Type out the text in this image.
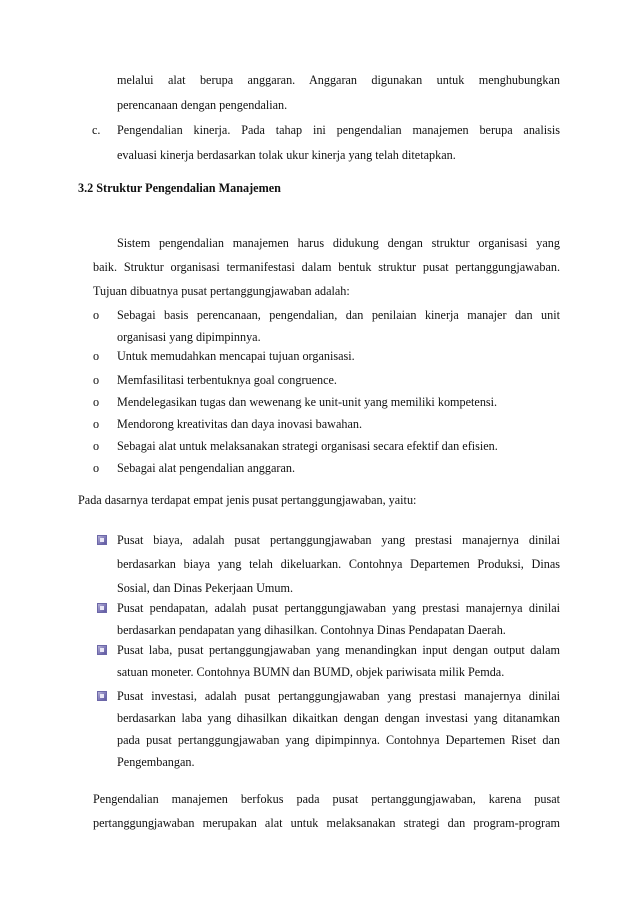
melalui alat berupa anggaran. Anggaran digunakan untuk menghubungkan
perencanaan dengan pengendalian.
c. Pengendalian kinerja. Pada tahap ini pengendalian manajemen berupa analisis
evaluasi kinerja berdasarkan tolak ukur kinerja yang telah ditetapkan.
3.2 Struktur Pengendalian Manajemen
Sistem pengendalian manajemen harus didukung dengan struktur organisasi yang
baik. Struktur organisasi termanifestasi dalam bentuk struktur pusat pertanggungjawaban.
Tujuan dibuatnya pusat pertanggungjawaban adalah:
o Sebagai basis perencanaan, pengendalian, dan penilaian kinerja manajer dan unit
organisasi yang dipimpinnya.
o Untuk memudahkan mencapai tujuan organisasi.
o Memfasilitasi terbentuknya goal congruence.
o Mendelegasikan tugas dan wewenang ke unit-unit yang memiliki kompetensi.
o Mendorong kreativitas dan daya inovasi bawahan.
o Sebagai alat untuk melaksanakan strategi organisasi secara efektif dan efisien.
o Sebagai alat pengendalian anggaran.
Pada dasarnya terdapat empat jenis pusat pertanggungjawaban, yaitu:
Pusat biaya, adalah pusat pertanggungjawaban yang prestasi manajernya dinilai
berdasarkan biaya yang telah dikeluarkan. Contohnya Departemen Produksi, Dinas
Sosial, dan Dinas Pekerjaan Umum.
Pusat pendapatan, adalah pusat pertanggungjawaban yang prestasi manajernya dinilai
berdasarkan pendapatan yang dihasilkan. Contohnya Dinas Pendapatan Daerah.
Pusat laba, pusat pertanggungjawaban yang menandingkan input dengan output dalam
satuan moneter. Contohnya BUMN dan BUMD, objek pariwisata milik Pemda.
Pusat investasi, adalah pusat pertanggungjawaban yang prestasi manajernya dinilai
berdasarkan laba yang dihasilkan dikaitkan dengan dengan investasi yang ditanamkan
pada pusat pertanggungjawaban yang dipimpinnya. Contohnya Departemen Riset dan
Pengembangan.
Pengendalian manajemen berfokus pada pusat pertanggungjawaban, karena pusat
pertanggungjawaban merupakan alat untuk melaksanakan strategi dan program-program
